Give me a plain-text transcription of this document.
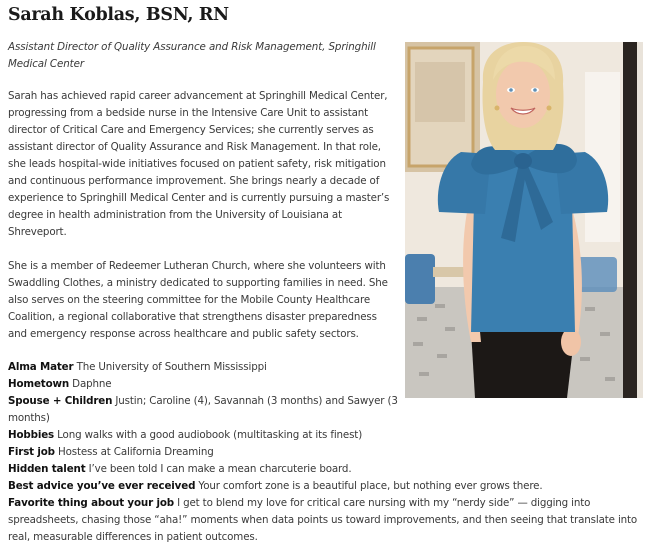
Sarah Koblas, BSN, RN

Assistant Director of Quality Assurance and Risk Management, Springhill Medical Center

Sarah has achieved rapid career advancement at Springhill Medical Center, progressing from a bedside nurse in the Intensive Care Unit to assistant director of Critical Care and Emergency Services; she currently serves as assistant director of Quality Assurance and Risk Management. In that role, she leads hospital-wide initiatives focused on patient safety, risk mitigation and continuous performance improvement. She brings nearly a decade of experience to Springhill Medical Center and is currently pursuing a master’s degree in health administration from the University of Louisiana at Shreveport.

She is a member of Redeemer Lutheran Church, where she volunteers with Swaddling Clothes, a ministry dedicated to supporting families in need. She also serves on the steering committee for the Mobile County Healthcare Coalition, a regional collaborative that strengthens disaster preparedness and emergency response across healthcare and public safety sectors.

Alma Mater The University of Southern Mississippi
Hometown Daphne
Spouse + Children Justin; Caroline (4), Savannah (3 months) and Sawyer (3 months)
Hobbies Long walks with a good audiobook (multitasking at its finest)
First job Hostess at California Dreaming
Hidden talent I’ve been told I can make a mean charcuterie board.
Best advice you’ve ever received Your comfort zone is a beautiful place, but nothing ever grows there.
Favorite thing about your job I get to blend my love for critical care nursing with my “nerdy side” — digging into spreadsheets, chasing those “aha!” moments when data points us toward improvements, and then seeing that translate into real, measurable differences in patient outcomes.
